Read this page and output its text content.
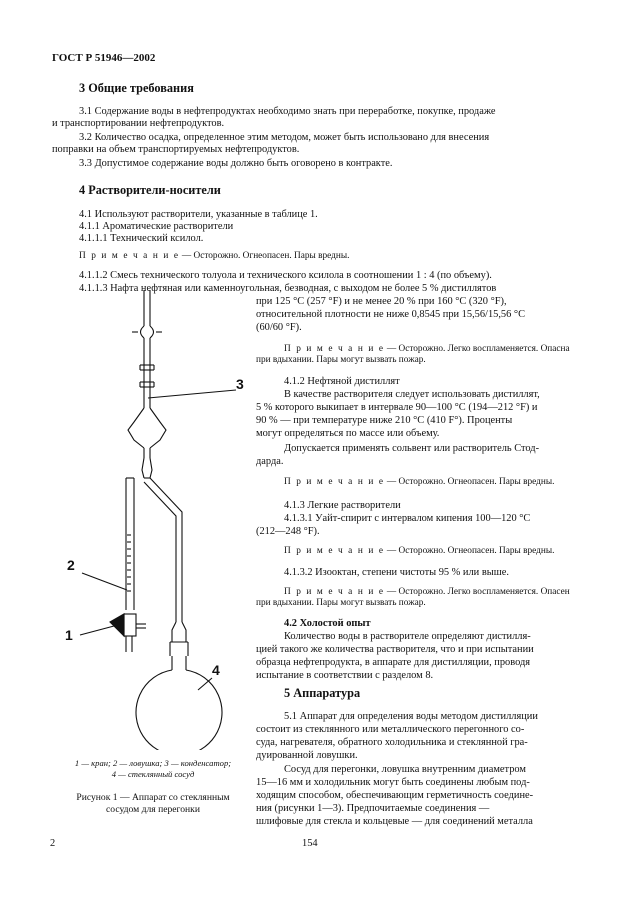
ГОСТ Р 51946—2002
3 Общие требования
3.1 Содержание воды в нефтепродуктах необходимо знать при переработке, покупке, продаже
и транспортировании нефтепродуктов.
3.2 Количество осадка, определенное этим методом, может быть использовано для внесения
поправки на объем транспортируемых нефтепродуктов.
3.3 Допустимое содержание воды должно быть оговорено в контракте.
4 Растворители-носители
4.1 Используют растворители, указанные в таблице 1.
4.1.1 Ароматические растворители
4.1.1.1 Технический ксилол.
П р и м е ч а н и е — Осторожно. Огнеопасен. Пары вредны.
4.1.1.2 Смесь технического толуола и технического ксилола в соотношении 1 : 4 (по объему).
4.1.1.3 Нафта нефтяная или каменноугольная, безводная, с выходом не более 5 % дистиллятов
при 125 °С (257 °F) и не менее 20 % при 160 °С (320 °F),
относительной плотности не ниже 0,8545 при 15,56/15,56 °С
(60/60 °F).
П р и м е ч а н и е — Осторожно. Легко воспламеняется. Опасна
при вдыхании. Пары могут вызвать пожар.
4.1.2 Нефтяной дистиллят
В качестве растворителя следует использовать дистиллят,
5 % которого выкипает в интервале 90—100 °С (194—212 °F) и
90 % — при температуре ниже 210 °С (410 F°). Проценты
могут определяться по массе или объему.
Допускается применять сольвент или растворитель Стод-
дарда.
П р и м е ч а н и е — Осторожно. Огнеопасен. Пары вредны.
4.1.3 Легкие растворители
4.1.3.1 Уайт-спирит с интервалом кипения 100—120 °С
(212—248 °F).
П р и м е ч а н и е — Осторожно. Огнеопасен. Пары вредны.
4.1.3.2 Изооктан, степени чистоты 95 % или выше.
П р и м е ч а н и е — Осторожно. Легко воспламеняется. Опасен
при вдыхании. Пары могут вызвать пожар.
4.2 Холостой опыт
Количество воды в растворителе определяют дистилля-
цией такого же количества растворителя, что и при испытании
образца нефтепродукта, в аппарате для дистилляции, проводя
испытание в соответствии с разделом 8.
5 Аппаратура
5.1 Аппарат для определения воды методом дистилляции
состоит из стеклянного или металлического перегонного со-
суда, нагревателя, обратного холодильника и стеклянной гра-
дуированной ловушки.
Сосуд для перегонки, ловушка внутренним диаметром
15—16 мм и холодильник могут быть соединены любым под-
ходящим способом, обеспечивающим герметичность соедине-
ния (рисунки 1—3). Предпочитаемые соединения —
шлифовые для стекла и кольцевые — для соединений металла
3
2
1
4
1 — кран; 2 — ловушка; 3 — конденсатор;
4 — стеклянный сосуд
Рисунок 1 — Аппарат со стеклянным
сосудом для перегонки
2	154
